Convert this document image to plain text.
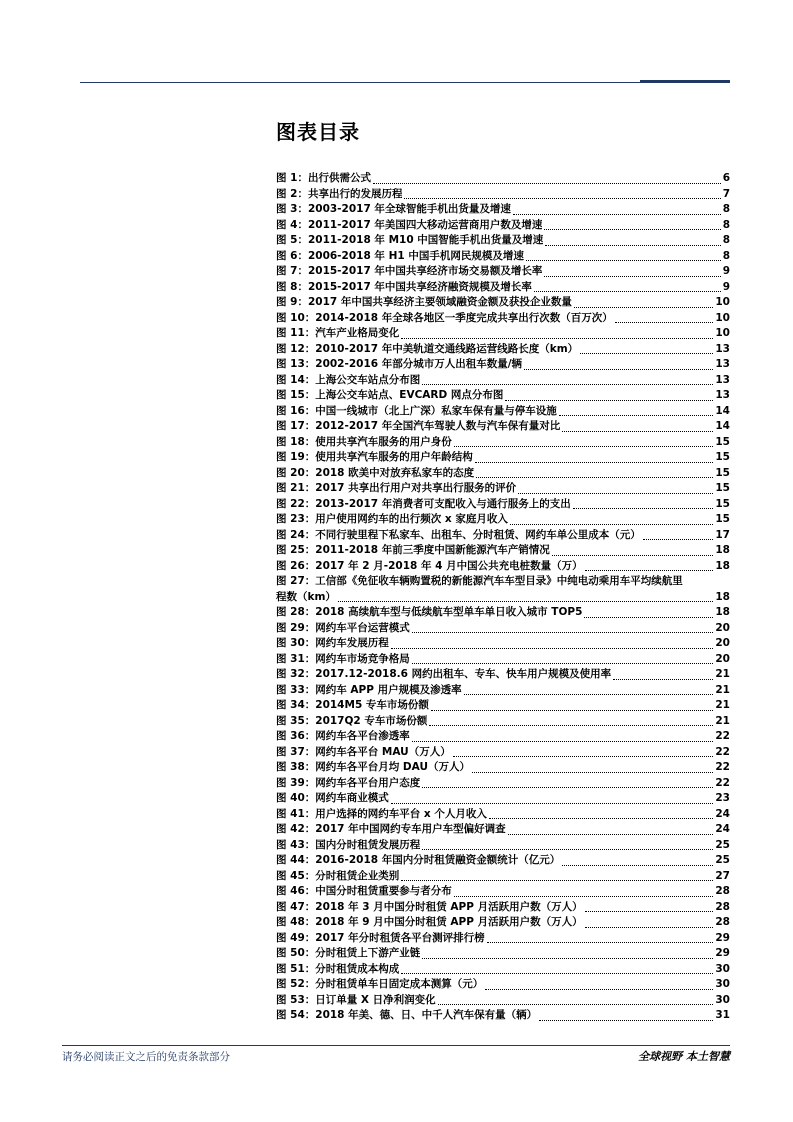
图表目录
图 1：出行供需公式	6
图 2：共享出行的发展历程	7
图 3：2003-2017 年全球智能手机出货量及增速	8
图 4：2011-2017 年美国四大移动运营商用户数及增速	8
图 5：2011-2018 年 M10 中国智能手机出货量及增速	8
图 6：2006-2018 年 H1 中国手机网民规模及增速	8
图 7：2015-2017 年中国共享经济市场交易额及增长率	9
图 8：2015-2017 年中国共享经济融资规模及增长率	9
图 9：2017 年中国共享经济主要领域融资金额及获投企业数量	10
图 10：2014-2018 年全球各地区一季度完成共享出行次数（百万次）	10
图 11：汽车产业格局变化	10
图 12：2010-2017 年中美轨道交通线路运营线路长度（km）	13
图 13：2002-2016 年部分城市万人出租车数量/辆	13
图 14：上海公交车站点分布图	13
图 15：上海公交车站点、EVCARD 网点分布图	13
图 16：中国一线城市（北上广深）私家车保有量与停车设施	14
图 17：2012-2017 年全国汽车驾驶人数与汽车保有量对比	14
图 18：使用共享汽车服务的用户身份	15
图 19：使用共享汽车服务的用户年龄结构	15
图 20：2018 欧美中对放弃私家车的态度	15
图 21：2017 共享出行用户对共享出行服务的评价	15
图 22：2013-2017 年消费者可支配收入与通行服务上的支出	15
图 23：用户使用网约车的出行频次 x 家庭月收入	15
图 24：不同行驶里程下私家车、出租车、分时租赁、网约车单公里成本（元）	17
图 25：2011-2018 年前三季度中国新能源汽车产销情况	18
图 26：2017 年 2 月-2018 年 4 月中国公共充电桩数量（万）	18
图 27：工信部《免征收车辆购置税的新能源汽车车型目录》中纯电动乘用车平均续航里
程数（km）	18
图 28：2018 高续航车型与低续航车型单车单日收入城市 TOP5	18
图 29：网约车平台运营模式	20
图 30：网约车发展历程	20
图 31：网约车市场竞争格局	20
图 32：2017.12-2018.6 网约出租车、专车、快车用户规模及使用率	21
图 33：网约车 APP 用户规模及渗透率	21
图 34：2014M5 专车市场份额	21
图 35：2017Q2 专车市场份额	21
图 36：网约车各平台渗透率	22
图 37：网约车各平台 MAU（万人）	22
图 38：网约车各平台月均 DAU（万人）	22
图 39：网约车各平台用户态度	22
图 40：网约车商业模式	23
图 41：用户选择的网约车平台 x 个人月收入	24
图 42：2017 年中国网约专车用户车型偏好调查	24
图 43：国内分时租赁发展历程	25
图 44：2016-2018 年国内分时租赁融资金额统计（亿元）	25
图 45：分时租赁企业类别	27
图 46：中国分时租赁重要参与者分布	28
图 47：2018 年 3 月中国分时租赁 APP 月活跃用户数（万人）	28
图 48：2018 年 9 月中国分时租赁 APP 月活跃用户数（万人）	28
图 49：2017 年分时租赁各平台测评排行榜	29
图 50：分时租赁上下游产业链	29
图 51：分时租赁成本构成	30
图 52：分时租赁单车日固定成本测算（元）	30
图 53：日订单量 X 日净利润变化	30
图 54：2018 年美、德、日、中千人汽车保有量（辆）	31
请务必阅读正文之后的免责条款部分	全球视野 本土智慧
